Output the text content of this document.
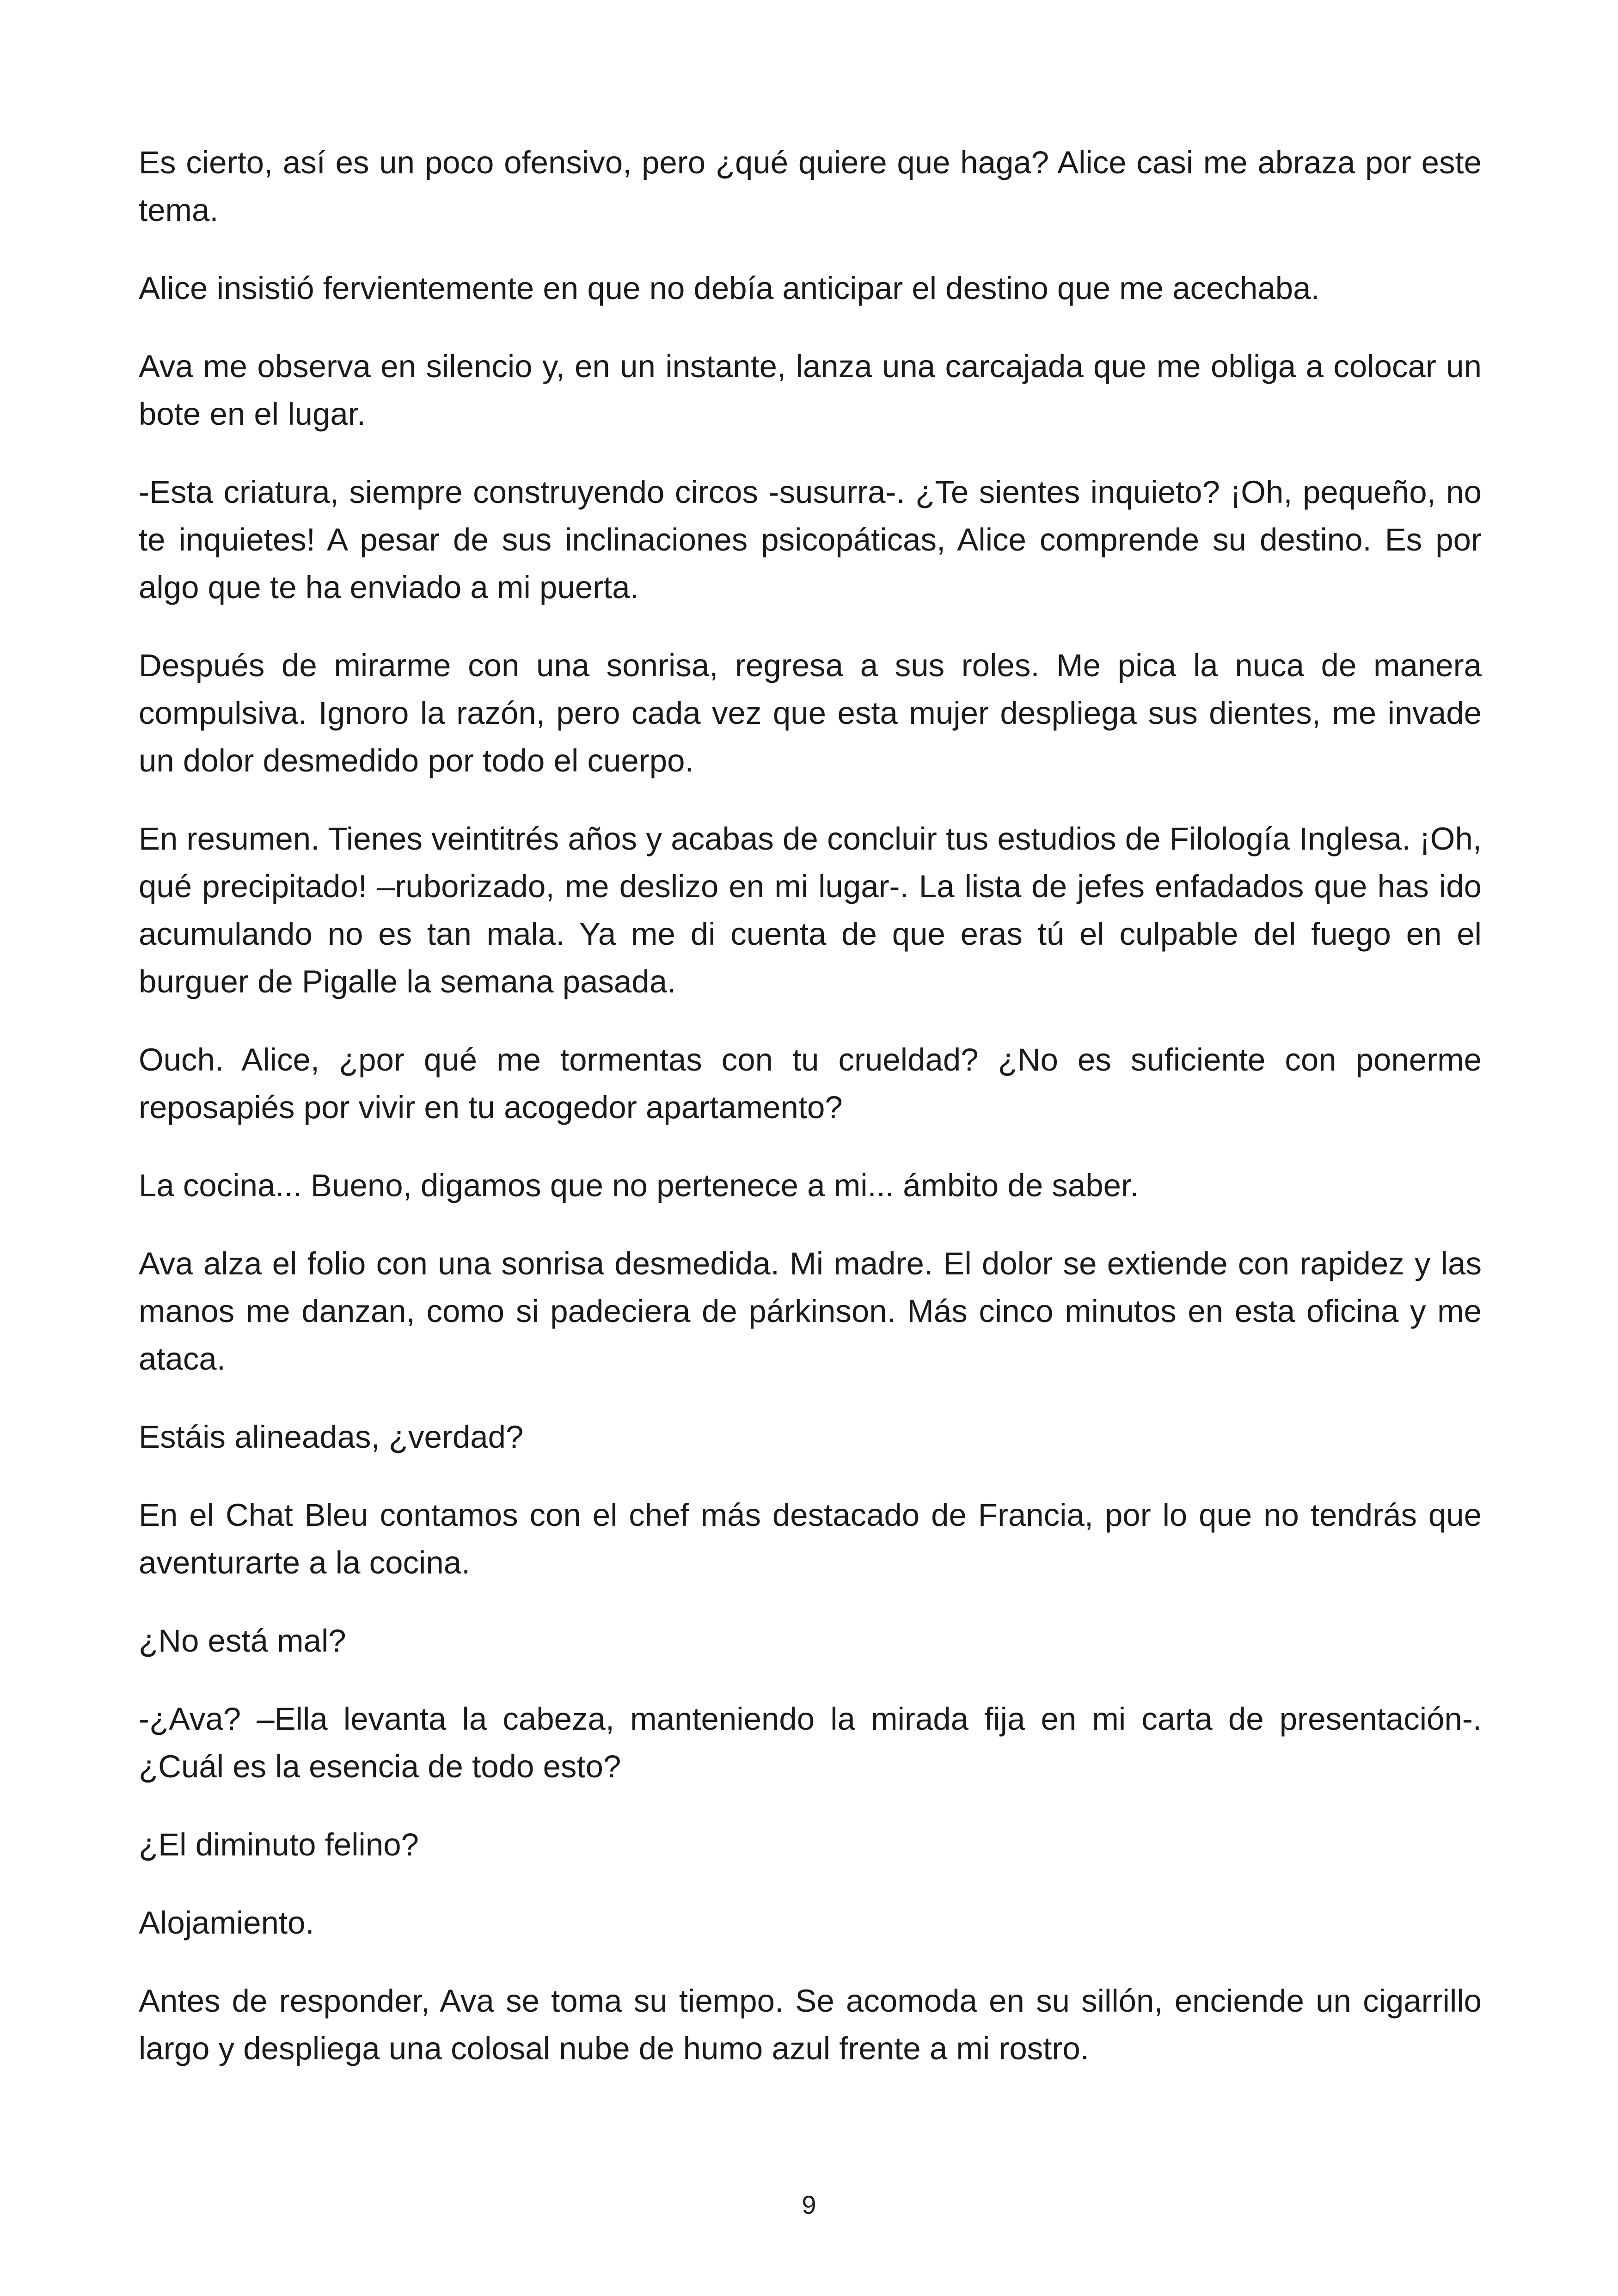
Es cierto, así es un poco ofensivo, pero ¿qué quiere que haga? Alice casi me abraza por este tema.

Alice insistió fervientemente en que no debía anticipar el destino que me acechaba.

Ava me observa en silencio y, en un instante, lanza una carcajada que me obliga a colocar un bote en el lugar.

-Esta criatura, siempre construyendo circos -susurra-. ¿Te sientes inquieto? ¡Oh, pequeño, no te inquietes! A pesar de sus inclinaciones psicopáticas, Alice comprende su destino. Es por algo que te ha enviado a mi puerta.

Después de mirarme con una sonrisa, regresa a sus roles. Me pica la nuca de manera compulsiva. Ignoro la razón, pero cada vez que esta mujer despliega sus dientes, me invade un dolor desmedido por todo el cuerpo.

En resumen. Tienes veintitrés años y acabas de concluir tus estudios de Filología Inglesa. ¡Oh, qué precipitado! –ruborizado, me deslizo en mi lugar-. La lista de jefes enfadados que has ido acumulando no es tan mala. Ya me di cuenta de que eras tú el culpable del fuego en el burguer de Pigalle la semana pasada.

Ouch. Alice, ¿por qué me tormentas con tu crueldad? ¿No es suficiente con ponerme reposapiés por vivir en tu acogedor apartamento?

La cocina... Bueno, digamos que no pertenece a mi... ámbito de saber.

Ava alza el folio con una sonrisa desmedida. Mi madre. El dolor se extiende con rapidez y las manos me danzan, como si padeciera de párkinson. Más cinco minutos en esta oficina y me ataca.

Estáis alineadas, ¿verdad?

En el Chat Bleu contamos con el chef más destacado de Francia, por lo que no tendrás que aventurarte a la cocina.

¿No está mal?

-¿Ava? –Ella levanta la cabeza, manteniendo la mirada fija en mi carta de presentación-. ¿Cuál es la esencia de todo esto?

¿El diminuto felino?

Alojamiento.

Antes de responder, Ava se toma su tiempo. Se acomoda en su sillón, enciende un cigarrillo largo y despliega una colosal nube de humo azul frente a mi rostro.

9
